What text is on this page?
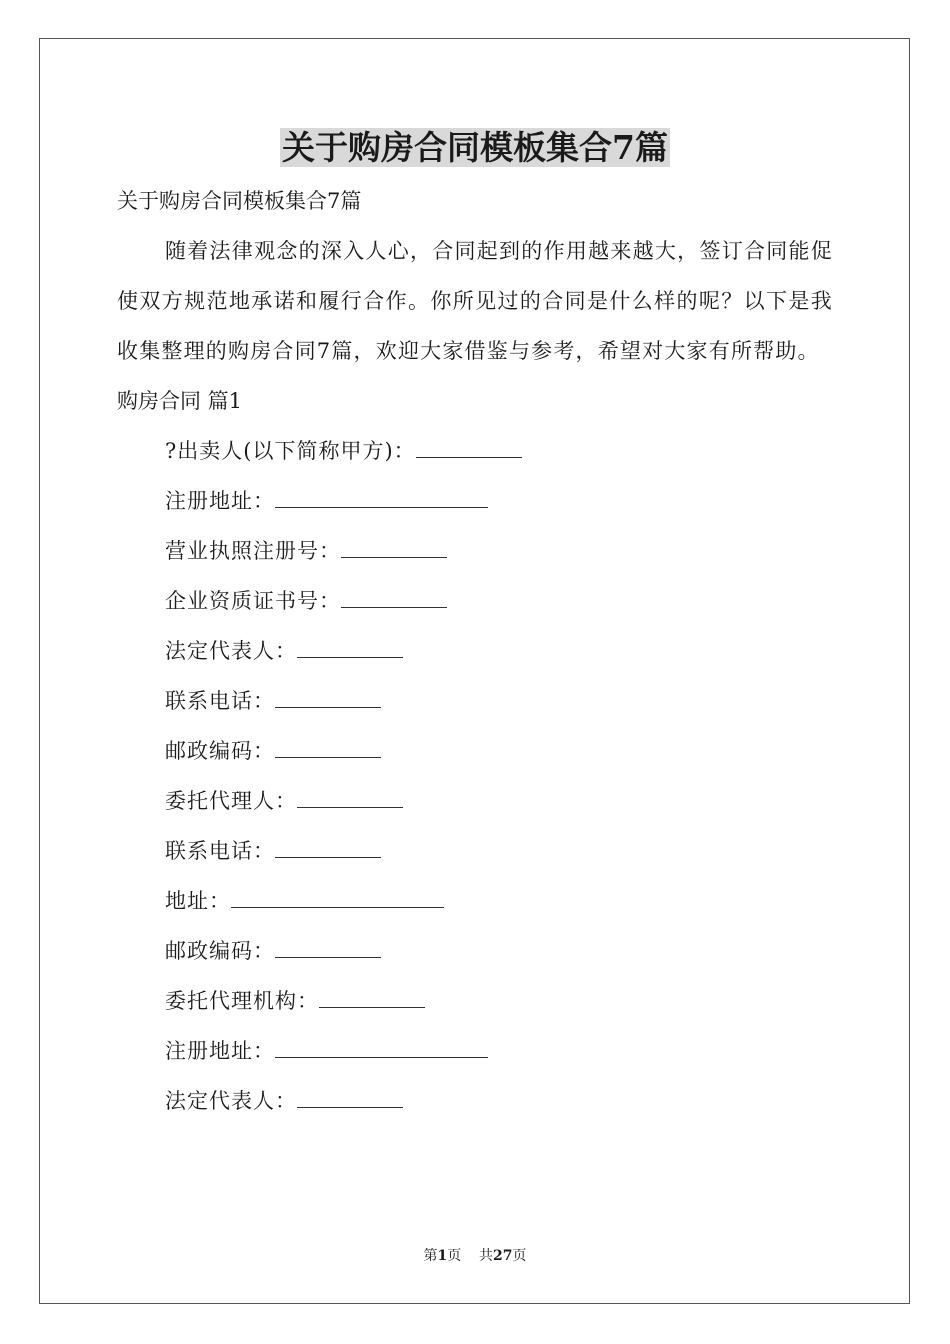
关于购房合同模板集合7篇
关于购房合同模板集合7篇
随着法律观念的深入人心，合同起到的作用越来越大，签订合同能促使双方规范地承诺和履行合作。你所见过的合同是什么样的呢？以下是我收集整理的购房合同7篇，欢迎大家借鉴与参考，希望对大家有所帮助。
购房合同 篇1
?出卖人(以下简称甲方)：
注册地址：
营业执照注册号：
企业资质证书号：
法定代表人：
联系电话：
邮政编码：
委托代理人：
联系电话：
地址：
邮政编码：
委托代理机构：
注册地址：
法定代表人：
第1页 共27页
